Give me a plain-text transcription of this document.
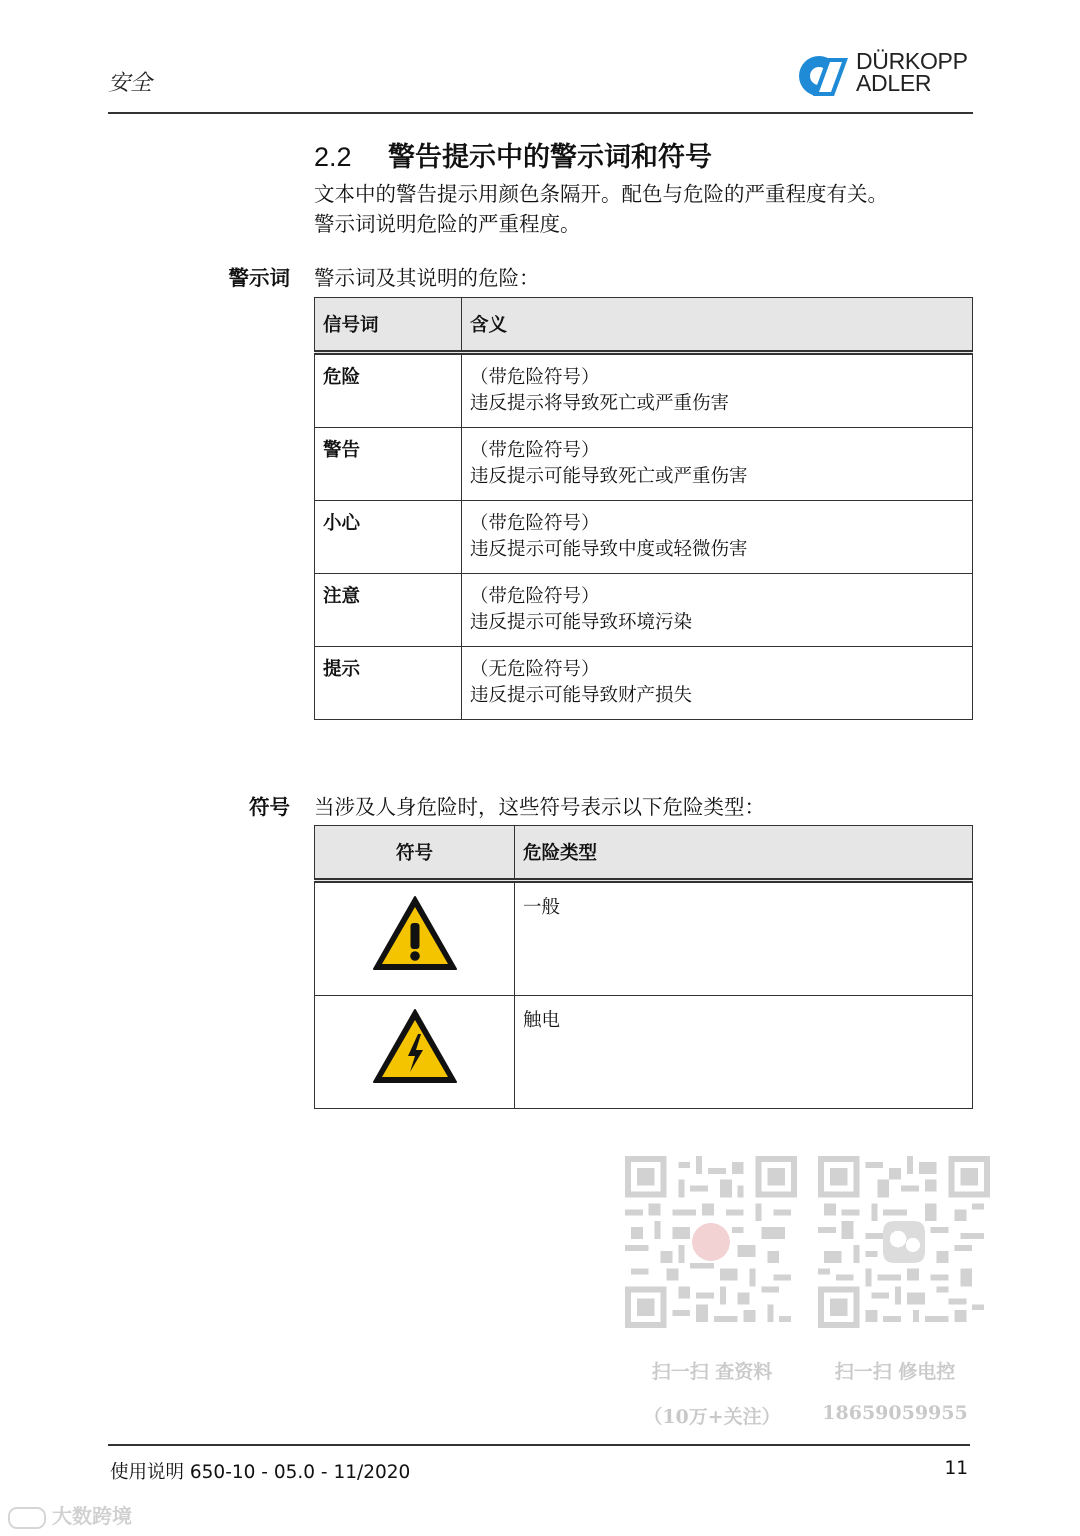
安全
DÜRKOPP
ADLER
2.2 警告提示中的警示词和符号
文本中的警告提示用颜色条隔开。配色与危险的严重程度有关。
警示词说明危险的严重程度。
警示词 警示词及其说明的危险：
信号词	含义
危险	（带危险符号）
违反提示将导致死亡或严重伤害

警告	（带危险符号）
违反提示可能导致死亡或严重伤害

小心	（带危险符号）
违反提示可能导致中度或轻微伤害

注意	（带危险符号）
违反提示可能导致环境污染

提示	（无危险符号）
违反提示可能导致财产损失
符号 当涉及人身危险时，这些符号表示以下危险类型：
符号	危险类型
	一般
	触电
扫一扫 查资料
（10万+关注）
扫一扫 修电控
18659059955
使用说明 650-10 - 05.0 - 11/2020	11
大数跨境
